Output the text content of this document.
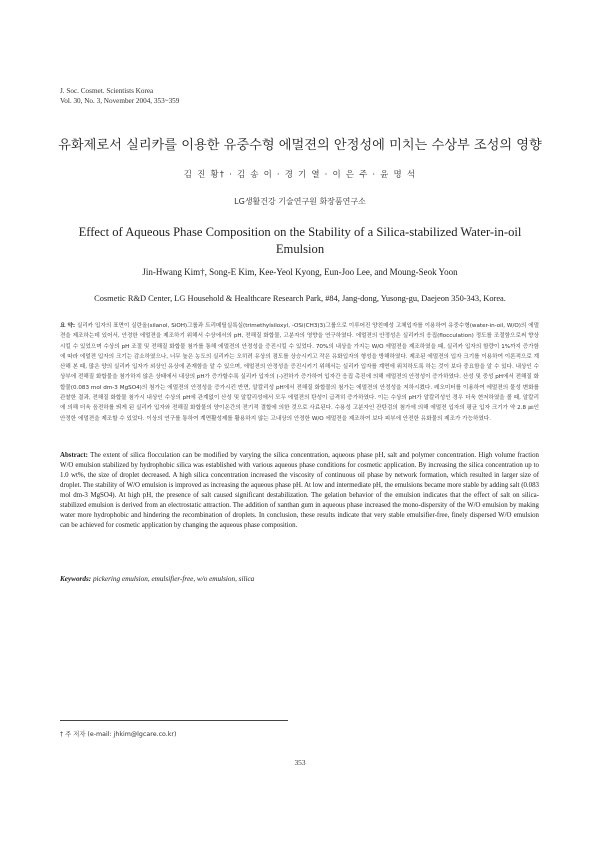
J. Soc. Cosmet. Scientists Korea
Vol. 30, No. 3, November 2004, 353~359
유화제로서 실리카를 이용한 유중수형 에멀젼의 안정성에 미치는 수상부 조성의 영향
김 진 황† · 김 송 이 · 경 기 열 · 이 은 주 · 윤 명 석
LG생활건강 기술연구원 화장품연구소
Effect of Aqueous Phase Composition on the Stability of a Silica-stabilized Water-in-oil Emulsion
Jin-Hwang Kim†, Song-E Kim, Kee-Yeol Kyong, Eun-Joo Lee, and Moung-Seok Yoon
Cosmetic R&D Center, LG Household & Healthcare Research Park, #84, Jang-dong, Yusong-gu, Daejeon 350-343, Korea.
요 약: 실리카 입자의 표면이 실란올(silanol, SiOH)그룹과 트리메틸실록실(trimethylsiloxyl, -OSi(CH3)3)그룹으로 이루어진 양친매성 고체입자를 이용하여 유중수형(water-in-oil, W/O)의 에멀젼을 제조하는데 있어서, 안정한 에멀젼을 제조하기 위해서 수상에서의 pH, 전해질 화합물, 고분자의 영향을 연구하였다. 에멀젼의 안정성은 실리카의 응집(flocculation) 정도를 조절함으로써 향상시킬 수 있었으며 수상의 pH 조절 및 전해질 화합물 첨가를 통해 에멀젼의 안정성을 증진시킬 수 있었다. 70%의 내상을 가지는 W/O 에멀젼을 제조하였을 때, 실리카 입자의 함량이 1%까지 증가함에 따라 에멀젼 입자의 크기는 감소하였으나, 너무 높은 농도의 실리카는 오히려 유상의 점도를 상승시키고 작은 유화입자의 형성을 방해하였다. 제조된 에멀젼의 입자 크기를 이용하여 이론적으로 계산해 본 때, 많은 양의 실리카 입자가 외상인 유상에 존재함을 알 수 있으며, 에멀젼의 안정성을 증진시키기 위해서는 실리카 입자를 계면에 위치하도록 하는 것이 보다 중요함을 알 수 있다. 내상인 수상부에 전해질 화합물을 첨가하지 않은 상태에서 내상의 pH가 증가할수록 실리카 입자의 (-)전하가 증가하여 입자간 응집 촉진에 의해 에멀젼의 안정성이 증가하였다. 산성 및 중성 pH에서 전해질 화합물(0.083 mol dm-3 MgSO4)의 첨가는 에멀젼의 안정성을 증가시킨 반면, 알칼리성 pH에서 전해질 화합물의 첨가는 에멀젼의 안정성을 저하시켰다. 레오미터를 이용하여 에멀젼의 물성 변화를 관찰한 결과, 전해질 화합물 첨가시 내상인 수상의 pH에 관계없이 산성 및 알칼리성에서 모두 에멀젼의 탄성이 급격히 증가하였다. 이는 수상의 pH가 알칼리성인 경우 더욱 현저하였을 볼 때, 알칼리에 의해 더욱 음전하를 띄게 된 실리카 입자와 전해질 화합물의 양이온간의 전기적 결합에 의한 것으로 사료된다. 수용성 고분자인 잔탄검의 첨가에 의해 에멀젼 입자의 평균 입자 크기가 약 2.8 ㎛인 안정한 에멀젼을 제조할 수 있었다. 이상의 연구를 통하여 계면활성제를 활용하지 않는 고내상의 안정한 W/O 에멀젼을 제조하여 보다 피부에 안전한 유화물의 제조가 가능하였다.
Abstract: The extent of silica flocculation can be modified by varying the silica concentration, aqueous phase pH, salt and polymer concentration. High volume fraction W/O emulsion stabilized by hydrophobic silica was established with various aqueous phase conditions for cosmetic application. By increasing the silica concentration up to 1.0 wt%, the size of droplet decreased. A high silica concentration increased the viscosity of continuous oil phase by network formation, which resulted in larger size of droplet. The stability of W/O emulsion is improved as increasing the aqueous phase pH. At low and intermediate pH, the emulsions became more stable by adding salt (0.083 mol dm-3 MgSO4). At high pH, the presence of salt caused significant destabilization. The gelation behavior of the emulsion indicates that the effect of salt on silica-stabilized emulsion is derived from an electrostatic attraction. The addition of xanthan gum in aqueous phase increased the mono-dispersity of the W/O emulsion by making water more hydrophobic and hindering the recombination of droplets. In conclusion, these results indicate that very stable emulsifier-free, finely dispersed W/O emulsion can be achieved for cosmetic application by changing the aqueous phase composition.
Keywords: pickering emulsion, emulsifier-free, w/o emulsion, silica
† 주 저자 (e-mail: jhkim@lgcare.co.kr)
353
